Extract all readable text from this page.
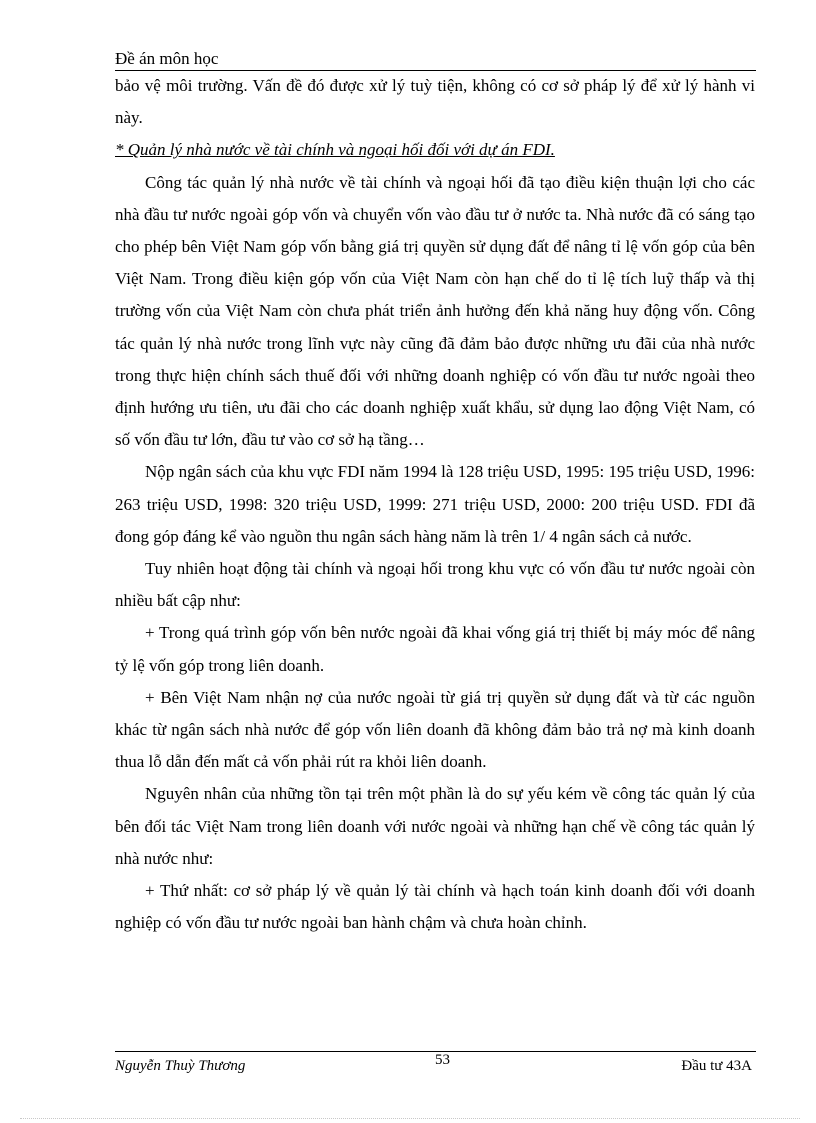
Đề án môn học

bảo vệ môi trường. Vấn đề đó được xử lý tuỳ tiện, không có cơ sở pháp lý để xử lý hành vi này.

* Quản lý nhà nước về tài chính và ngoại hối đối với dự án FDI.

Công tác quản lý nhà nước về tài chính và ngoại hối đã tạo điều kiện thuận lợi cho các nhà đầu tư nước ngoài góp vốn và chuyển vốn vào đầu tư ở nước ta. Nhà nước đã có sáng tạo cho phép bên Việt Nam góp vốn bằng giá trị quyền sử dụng đất để nâng tỉ lệ vốn góp của bên Việt Nam. Trong điều kiện góp vốn của Việt Nam còn hạn chế do tỉ lệ tích luỹ thấp và thị trường vốn của Việt Nam còn chưa phát triển ảnh hưởng đến khả năng huy động vốn. Công tác quản lý nhà nước trong lĩnh vực này cũng đã đảm bảo được những ưu đãi của nhà nước trong thực hiện chính sách thuế đối với những doanh nghiệp có vốn đầu tư nước ngoài theo định hướng ưu tiên, ưu đãi cho các doanh nghiệp xuất khẩu, sử dụng lao động Việt Nam, có số vốn đầu tư lớn, đầu tư vào cơ sở hạ tầng…

Nộp ngân sách của khu vực FDI năm 1994 là 128 triệu USD, 1995: 195 triệu USD, 1996: 263 triệu USD, 1998: 320 triệu USD, 1999: 271 triệu USD, 2000: 200 triệu USD. FDI đã đong góp đáng kể vào nguồn thu ngân sách hàng năm là trên 1/ 4 ngân sách cả nước.

Tuy nhiên hoạt động tài chính và ngoại hối trong khu vực có vốn đầu tư nước ngoài còn nhiều bất cập như:

+ Trong quá trình góp vốn bên nước ngoài đã khai vống giá trị thiết bị máy móc để nâng tỷ lệ vốn góp trong liên doanh.

+ Bên Việt Nam nhận nợ của nước ngoài từ giá trị quyền sử dụng đất và từ các nguồn khác từ ngân sách nhà nước để góp vốn liên doanh đã không đảm bảo trả nợ mà kinh doanh thua lỗ dẫn đến mất cả vốn phải rút ra khỏi liên doanh.

Nguyên nhân của những tồn tại trên một phần là do sự yếu kém về công tác quản lý của bên đối tác Việt Nam trong liên doanh với nước ngoài và những hạn chế về công tác quản lý nhà nước như:

+ Thứ nhất: cơ sở pháp lý về quản lý tài chính và hạch toán kinh doanh đối với doanh nghiệp có vốn đầu tư nước ngoài ban hành chậm và chưa hoàn chỉnh.

Nguyễn Thuỳ Thương	53	Đầu tư 43A
